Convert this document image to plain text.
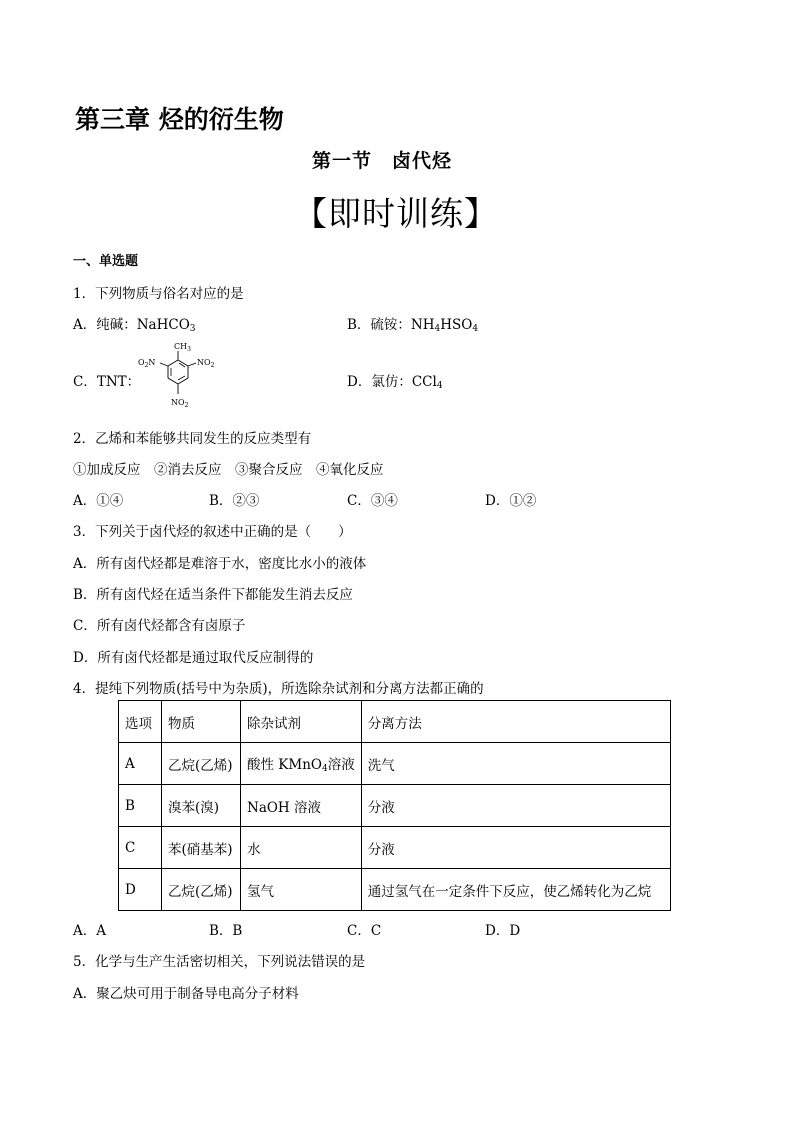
第三章 烃的衍生物
第一节　卤代烃
【即时训练】
一、单选题
1．下列物质与俗名对应的是
A．纯碱：NaHCO$_3$	B．硫铵：$NH_4HSO_4$
C．TNT：
$CH_3$
$O_2N$	$NO_2$
$NO_2$
D．氯仿：CCl$_4$
2．乙烯和苯能够共同发生的反应类型有
①加成反应　②消去反应　③聚合反应　④氧化反应
A．①④	B．②③	C．③④	D．①②
3．下列关于卤代烃的叙述中正确的是（　　）
A．所有卤代烃都是难溶于水，密度比水小的液体
B．所有卤代烃在适当条件下都能发生消去反应
C．所有卤代烃都含有卤原子
D．所有卤代烃都是通过取代反应制得的
4．提纯下列物质(括号中为杂质)，所选除杂试剂和分离方法都正确的
选项	物质	除杂试剂	分离方法
A	乙烷(乙烯)	酸性 KMnO$_4$溶液	洗气
B	溴苯(溴)	NaOH 溶液	分液
C	苯(硝基苯)	水	分液
D	乙烷(乙烯)	氢气	通过氢气在一定条件下反应，使乙烯转化为乙烷
A．A	B．B	C．C	D．D
5．化学与生产生活密切相关，下列说法错误的是
A．聚乙炔可用于制备导电高分子材料
